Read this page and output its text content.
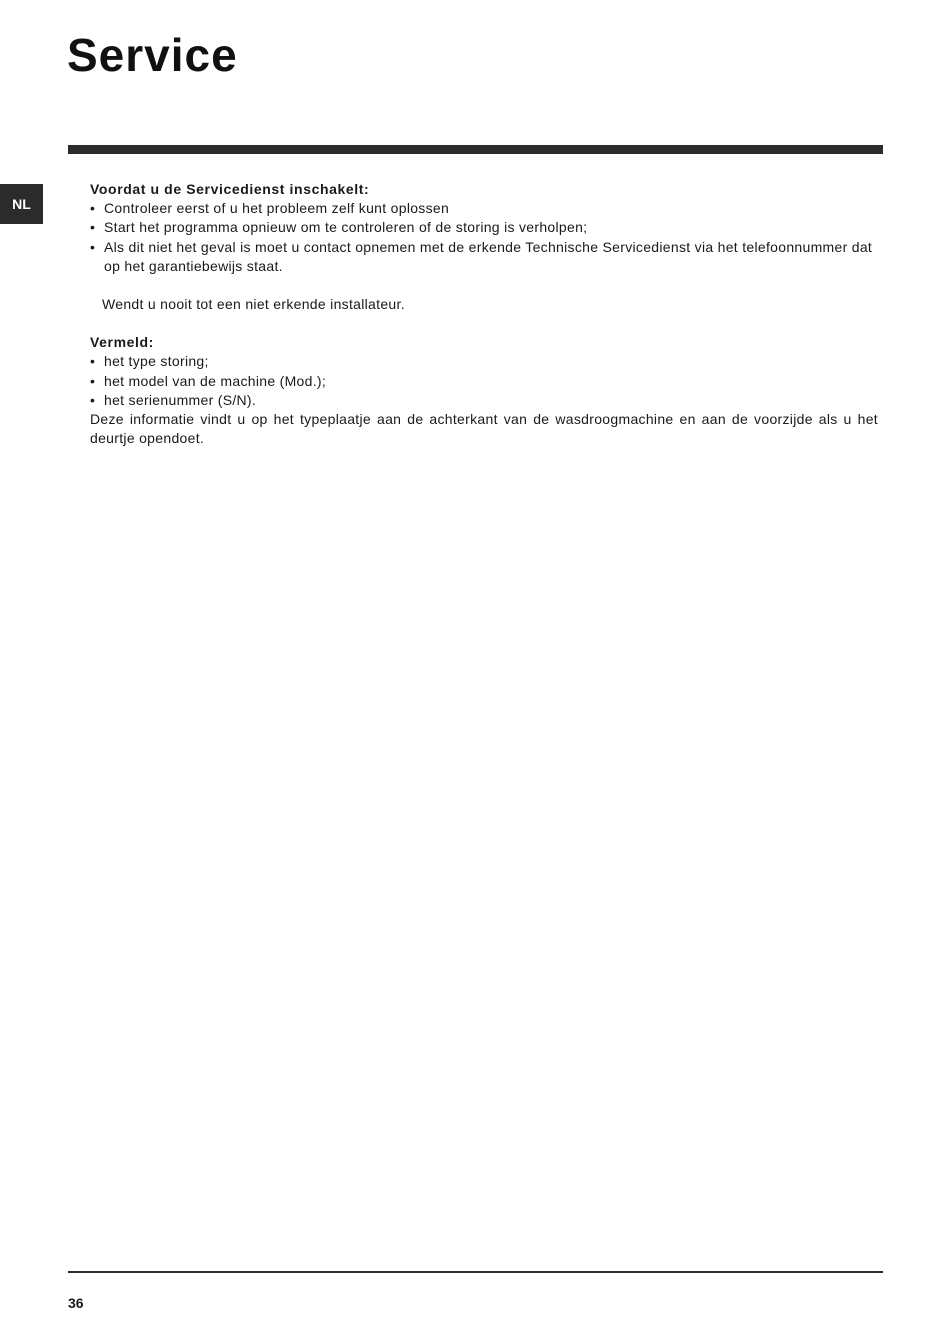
Service
NL

Voordat u de Servicedienst inschakelt:

• Controleer eerst of u het probleem zelf kunt oplossen
• Start het programma opnieuw om te controleren of de storing is verholpen;
• Als dit niet het geval is moet u contact opnemen met de erkende Technische Servicedienst via het telefoonnummer dat op het garantiebewijs staat.

Wendt u nooit tot een niet erkende installateur.

Vermeld:

• het type storing;
• het model van de machine (Mod.);
• het serienummer (S/N).

Deze informatie vindt u op het typeplaatje aan de achterkant van de wasdroogmachine en aan de voorzijde als u het deurtje opendoet.

36
